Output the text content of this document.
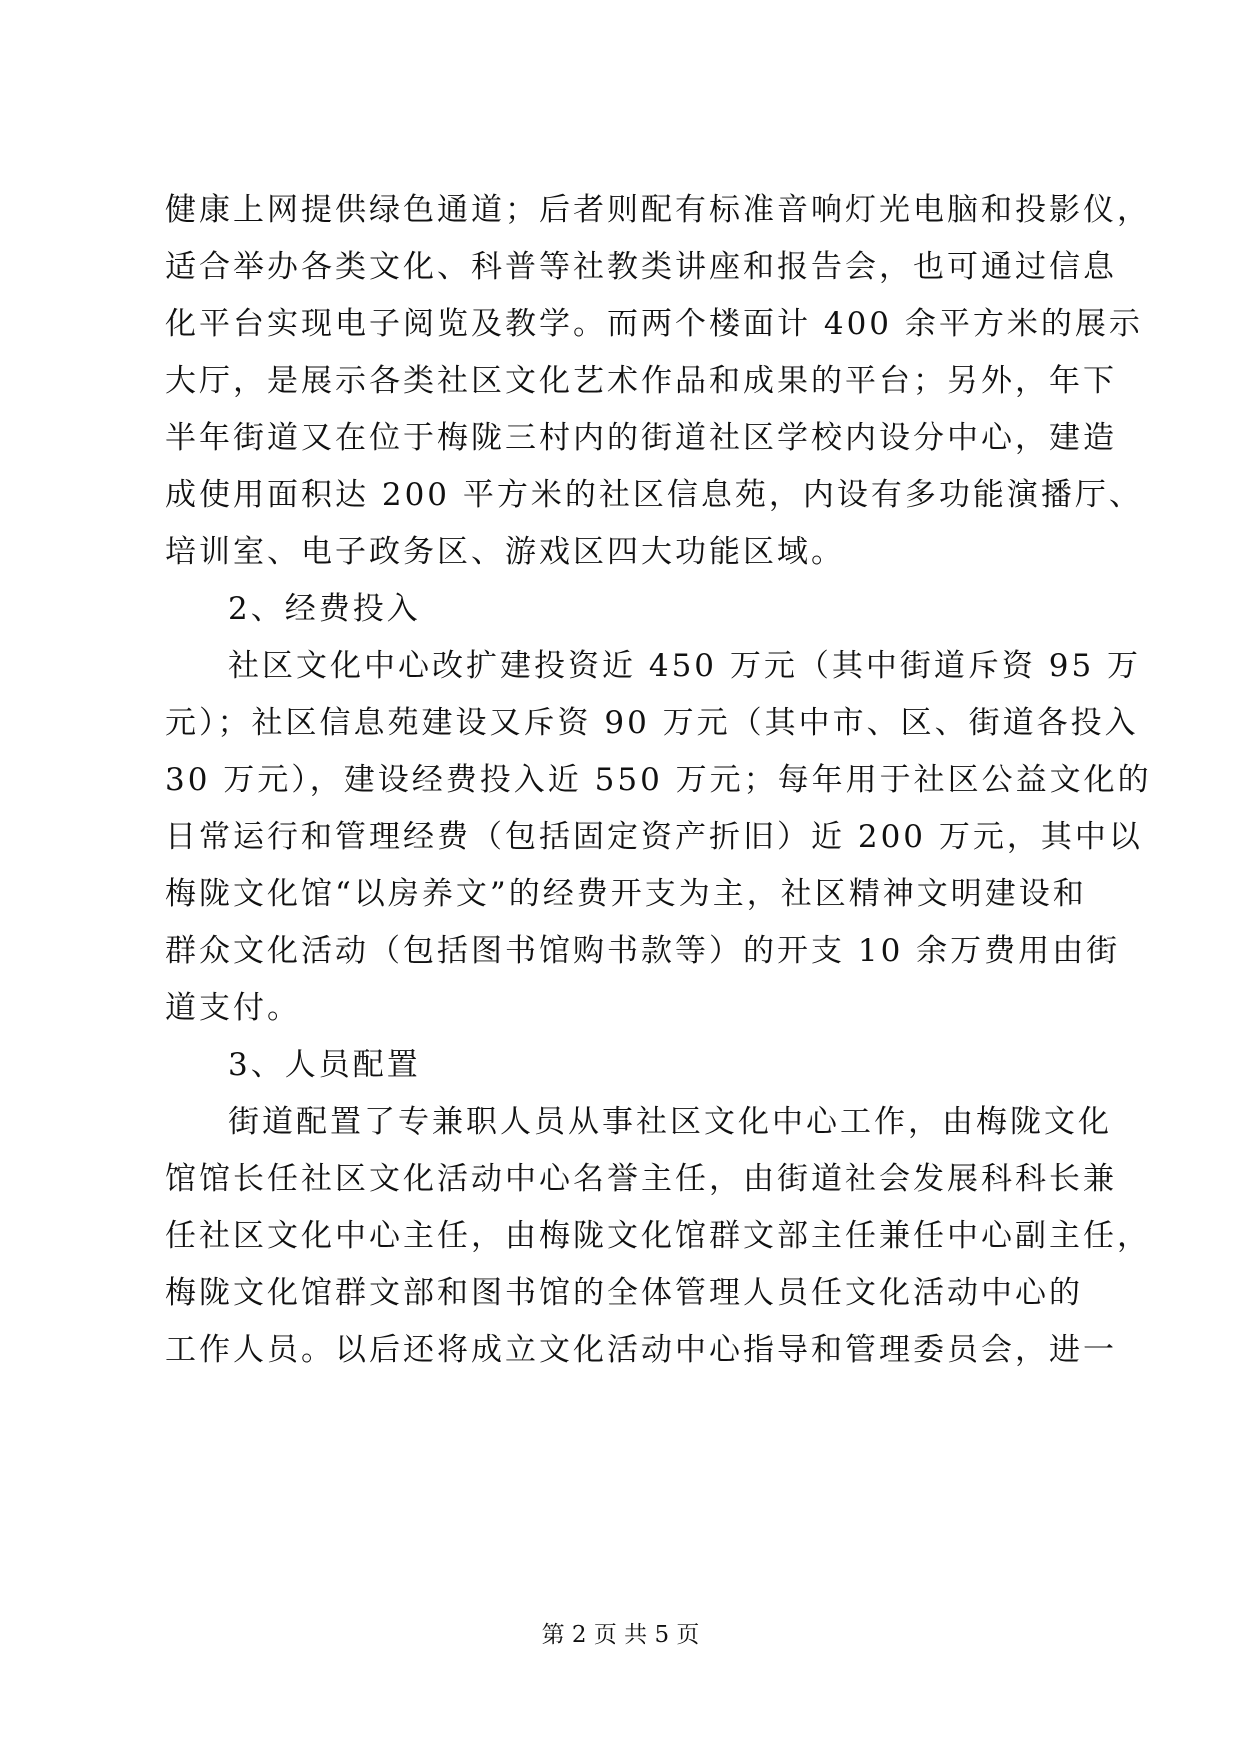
健康上网提供绿色通道；后者则配有标准音响灯光电脑和投影仪，
适合举办各类文化、科普等社教类讲座和报告会，也可通过信息
化平台实现电子阅览及教学。而两个楼面计 400 余平方米的展示
大厅，是展示各类社区文化艺术作品和成果的平台；另外，年下
半年街道又在位于梅陇三村内的街道社区学校内设分中心，建造
成使用面积达 200 平方米的社区信息苑，内设有多功能演播厅、
培训室、电子政务区、游戏区四大功能区域。
2、经费投入
社区文化中心改扩建投资近 450 万元（其中街道斥资 95 万
元）；社区信息苑建设又斥资 90 万元（其中市、区、街道各投入
30 万元），建设经费投入近 550 万元；每年用于社区公益文化的
日常运行和管理经费（包括固定资产折旧）近 200 万元，其中以
梅陇文化馆“以房养文”的经费开支为主，社区精神文明建设和
群众文化活动（包括图书馆购书款等）的开支 10 余万费用由街
道支付。
3、人员配置
街道配置了专兼职人员从事社区文化中心工作，由梅陇文化
馆馆长任社区文化活动中心名誉主任，由街道社会发展科科长兼
任社区文化中心主任，由梅陇文化馆群文部主任兼任中心副主任，
梅陇文化馆群文部和图书馆的全体管理人员任文化活动中心的
工作人员。以后还将成立文化活动中心指导和管理委员会，进一
第 2 页 共 5 页
